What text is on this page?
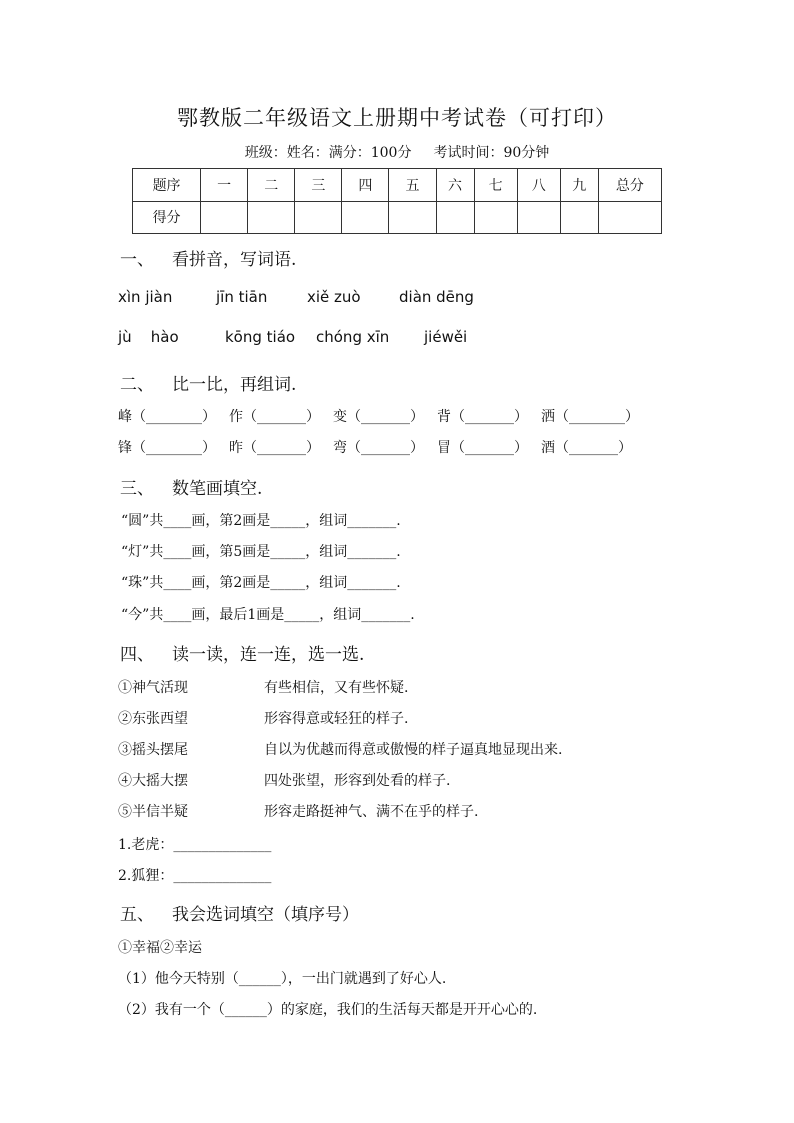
鄂教版二年级语文上册期中考试卷（可打印）
班级：姓名：满分：100分 考试时间：90分钟
题序	一	二	三	四	五	六	七	八	九	总分
得分										
一、 看拼音，写词语.
xìn jiàn	jīn tiān	xiě zuò	diàn dēng
jù    hào	kōng tiáo chóng xīn jiéwěi
二、 比一比，再组词.
峰（________） 作（_______） 变（_______） 背（_______） 洒（________）
锋（________） 昨（_______） 弯（_______） 冒（_______） 酒（_______）
三、 数笔画填空.
“圆”共____画，第2画是_____，组词_______.
“灯”共____画，第5画是_____，组词_______.
“珠”共____画，第2画是_____，组词_______.
“今”共____画，最后1画是_____，组词_______.
四、 读一读，连一连，选一选.
①神气活现	有些相信，又有些怀疑.
②东张西望	形容得意或轻狂的样子.
③摇头摆尾	自以为优越而得意或傲慢的样子逼真地显现出来.
④大摇大摆	四处张望，形容到处看的样子.
⑤半信半疑	形容走路挺神气、满不在乎的样子.
1.老虎：______________
2.狐狸：______________
五、 我会选词填空（填序号）
①幸福②幸运
（1）他今天特别（______），一出门就遇到了好心人.
（2）我有一个（______）的家庭，我们的生活每天都是开开心心的.
